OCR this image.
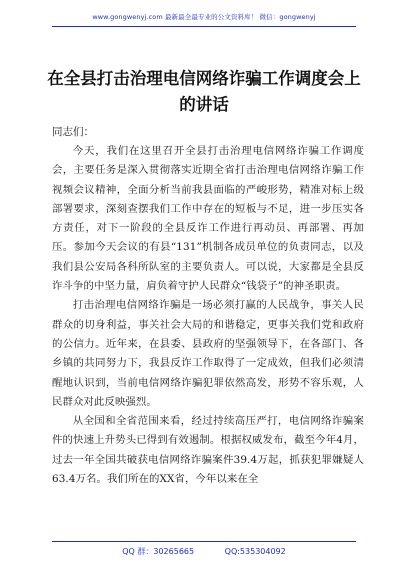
www.gongwenyj.com 最新最全最专业的公文资料库！ 微信：gongwenyj
在全县打击治理电信网络诈骗工作调度会上的讲话
同志们：

今天，我们在这里召开全县打击治理电信网络诈骗工作调度会，主要任务是深入贯彻落实近期全省打击治理电信网络诈骗工作视频会议精神，全面分析当前我县面临的严峻形势，精准对标上级部署要求，深刻查摆我们工作中存在的短板与不足，进一步压实各方责任，对下一阶段的全县反诈工作进行再动员、再部署、再加压。参加今天会议的有县“131”机制各成员单位的负责同志，以及我们县公安局各科所队室的主要负责人。可以说，大家都是全县反诈斗争的中坚力量，肩负着守护人民群众“钱袋子”的神圣职责。

打击治理电信网络诈骗是一场必须打赢的人民战争，事关人民群众的切身利益，事关社会大局的和谐稳定，更事关我们党和政府的公信力。近年来，在县委、县政府的坚强领导下，在各部门、各乡镇的共同努力下，我县反诈工作取得了一定成效，但我们必须清醒地认识到，当前电信网络诈骗犯罪依然高发，形势不容乐观，人民群众对此反映强烈。

从全国和全省范围来看，经过持续高压严打，电信网络诈骗案件的快速上升势头已得到有效遏制。根据权威发布，截至今年4月，过去一年全国共破获电信网络诈骗案件39.4万起，抓获犯罪嫌疑人63.4万名。我们所在的XX省，今年以来在全

QQ 群：30265665	QQ:535304092
